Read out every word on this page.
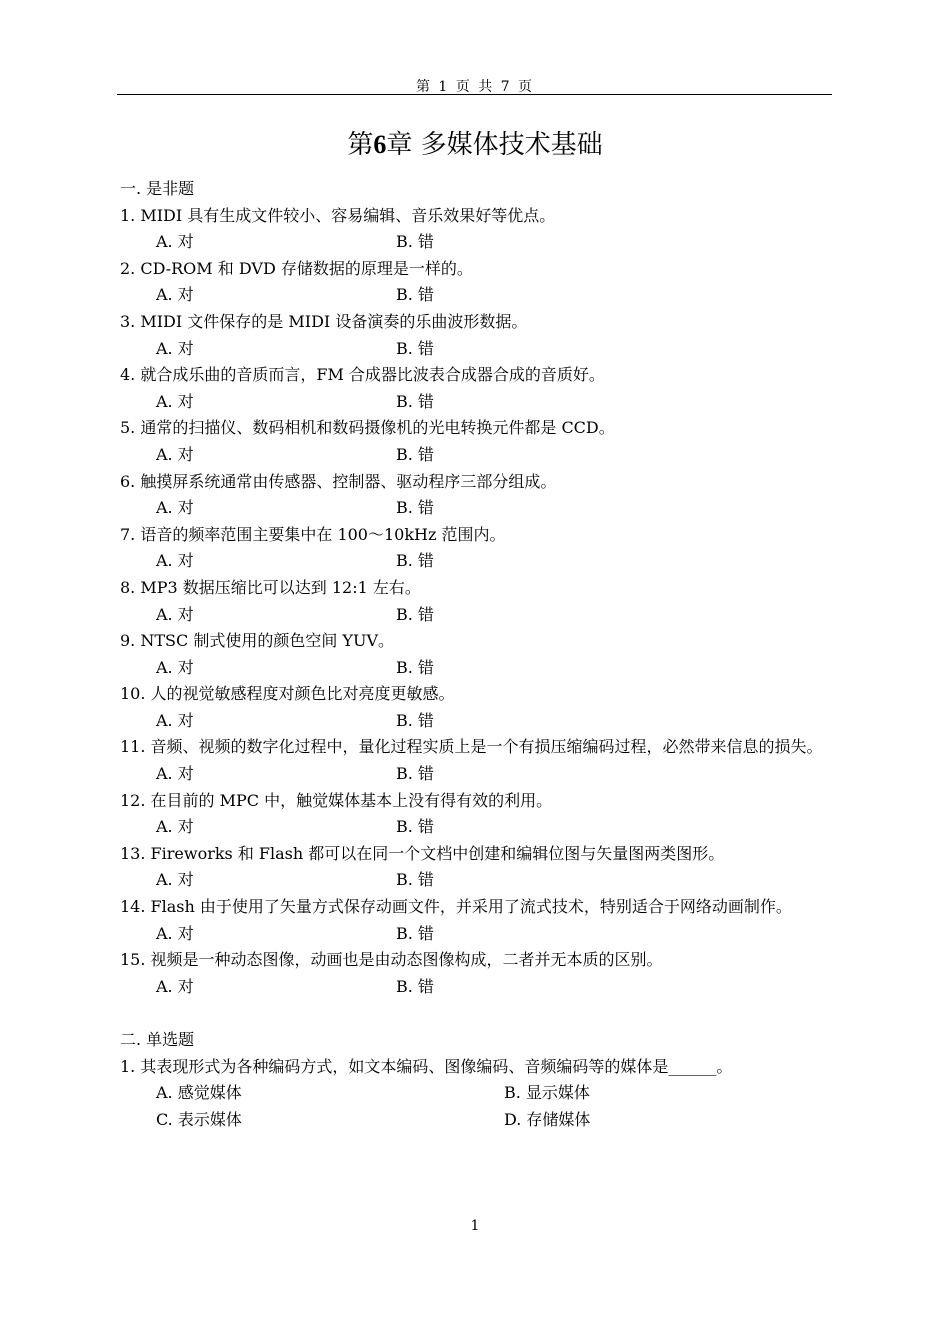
第 1 页 共 7 页
第6章 多媒体技术基础
一. 是非题
1. MIDI 具有生成文件较小、容易编辑、音乐效果好等优点。
A. 对	B. 错
2. CD-ROM 和 DVD 存储数据的原理是一样的。
A. 对	B. 错
3. MIDI 文件保存的是 MIDI 设备演奏的乐曲波形数据。
A. 对	B. 错
4. 就合成乐曲的音质而言，FM 合成器比波表合成器合成的音质好。
A. 对	B. 错
5. 通常的扫描仪、数码相机和数码摄像机的光电转换元件都是 CCD。
A. 对	B. 错
6. 触摸屏系统通常由传感器、控制器、驱动程序三部分组成。
A. 对	B. 错
7. 语音的频率范围主要集中在 100～10kHz 范围内。
A. 对	B. 错
8. MP3 数据压缩比可以达到 12:1 左右。
A. 对	B. 错
9. NTSC 制式使用的颜色空间 YUV。
A. 对	B. 错
10. 人的视觉敏感程度对颜色比对亮度更敏感。
A. 对	B. 错
11. 音频、视频的数字化过程中，量化过程实质上是一个有损压缩编码过程，必然带来信息的损失。
A. 对	B. 错
12. 在目前的 MPC 中，触觉媒体基本上没有得有效的利用。
A. 对	B. 错
13. Fireworks 和 Flash 都可以在同一个文档中创建和编辑位图与矢量图两类图形。
A. 对	B. 错
14. Flash 由于使用了矢量方式保存动画文件，并采用了流式技术，特别适合于网络动画制作。
A. 对	B. 错
15. 视频是一种动态图像，动画也是由动态图像构成，二者并无本质的区别。
A. 对	B. 错
二. 单选题
1. 其表现形式为各种编码方式，如文本编码、图像编码、音频编码等的媒体是______。
A. 感觉媒体	B. 显示媒体
C. 表示媒体	D. 存储媒体
1
